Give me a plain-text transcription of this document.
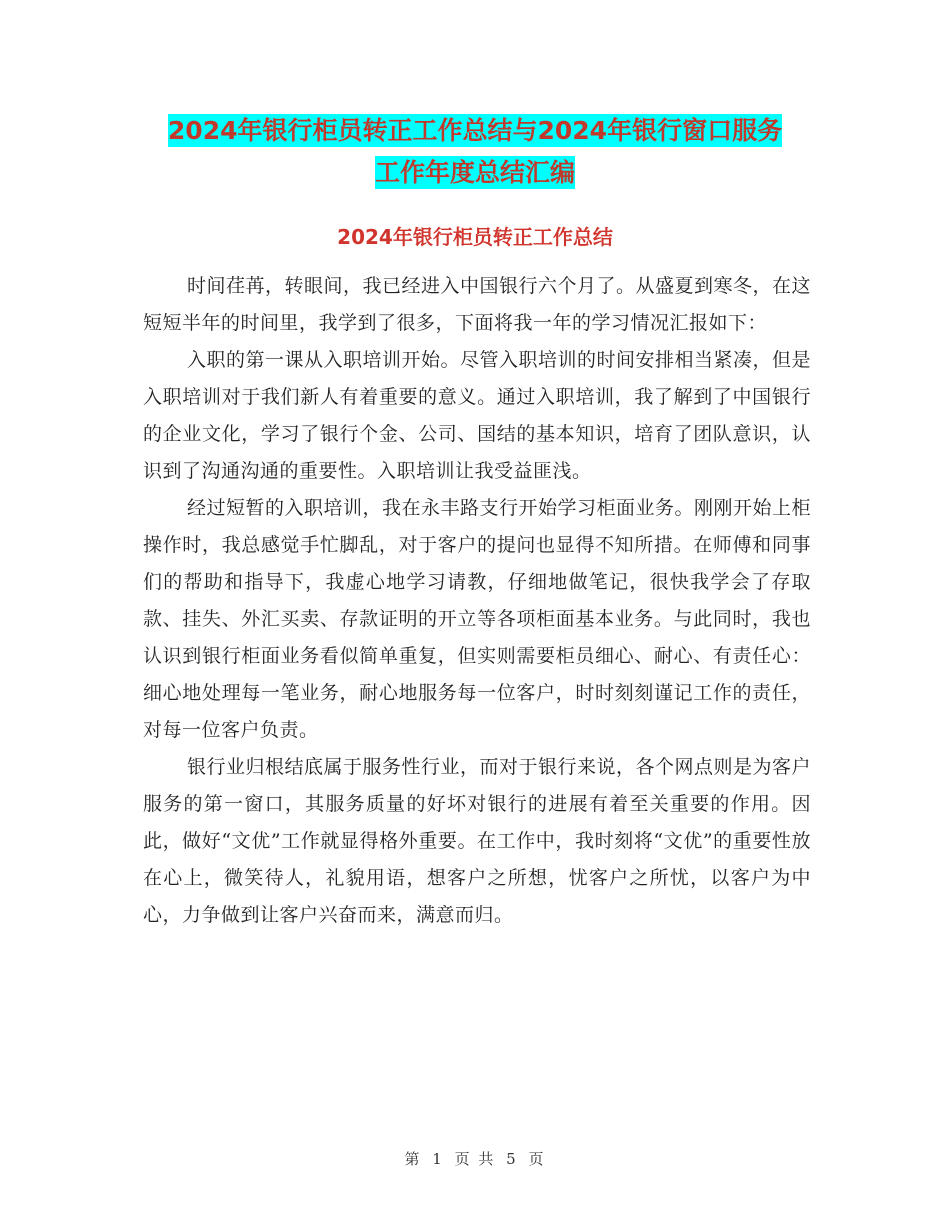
2024年银行柜员转正工作总结与2024年银行窗口服务
工作年度总结汇编
2024年银行柜员转正工作总结

时间荏苒，转眼间，我已经进入中国银行六个月了。从盛夏到寒冬，在这短短半年的时间里，我学到了很多，下面将我一年的学习情况汇报如下：

入职的第一课从入职培训开始。尽管入职培训的时间安排相当紧凑，但是入职培训对于我们新人有着重要的意义。通过入职培训，我了解到了中国银行的企业文化，学习了银行个金、公司、国结的基本知识，培育了团队意识，认识到了沟通沟通的重要性。入职培训让我受益匪浅。

经过短暂的入职培训，我在永丰路支行开始学习柜面业务。刚刚开始上柜操作时，我总感觉手忙脚乱，对于客户的提问也显得不知所措。在师傅和同事们的帮助和指导下，我虚心地学习请教，仔细地做笔记，很快我学会了存取款、挂失、外汇买卖、存款证明的开立等各项柜面基本业务。与此同时，我也认识到银行柜面业务看似简单重复，但实则需要柜员细心、耐心、有责任心：细心地处理每一笔业务，耐心地服务每一位客户，时时刻刻谨记工作的责任，对每一位客户负责。

银行业归根结底属于服务性行业，而对于银行来说，各个网点则是为客户服务的第一窗口，其服务质量的好坏对银行的进展有着至关重要的作用。因此，做好“文优”工作就显得格外重要。在工作中，我时刻将“文优”的重要性放在心上，微笑待人，礼貌用语，想客户之所想，忧客户之所忧，以客户为中心，力争做到让客户兴奋而来，满意而归。

第 1 页 共 5 页
